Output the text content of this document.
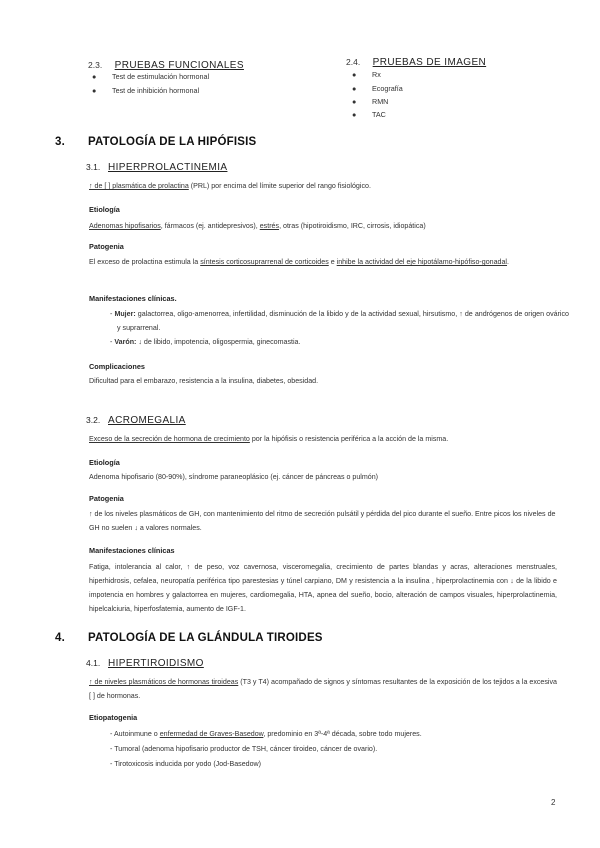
2.3. PRUEBAS FUNCIONALES
● Test de estimulación hormonal
● Test de inhibición hormonal
2.4. PRUEBAS DE IMAGEN
● Rx
● Ecografía
● RMN
● TAC
3. PATOLOGÍA DE LA HIPÓFISIS
3.1. HIPERPROLACTINEMIA
↑ de [ ] plasmática de prolactina (PRL) por encima del límite superior del rango fisiológico.
Etiología
Adenomas hipofisarios, fármacos (ej. antidepresivos), estrés, otras (hipotiroidismo, IRC, cirrosis, idiopática)
Patogenia
El exceso de prolactina estimula la síntesis corticosuprarrenal de corticoides e inhibe la actividad del eje hipotálamo-hipófiso-gonadal.
Manifestaciones clínicas.
- Mujer: galactorrea, oligo-amenorrea, infertilidad, disminución de la libido y de la actividad sexual, hirsutismo, ↑ de andrógenos de origen ovárico y suprarrenal.
- Varón: ↓ de libido, impotencia, oligospermia, ginecomastia.
Complicaciones
Dificultad para el embarazo, resistencia a la insulina, diabetes, obesidad.
3.2. ACROMEGALIA
Exceso de la secreción de hormona de crecimiento por la hipófisis o resistencia periférica a la acción de la misma.
Etiología
Adenoma hipofisario (80-90%), síndrome paraneoplásico (ej. cáncer de páncreas o pulmón)
Patogenia
↑ de los niveles plasmáticos de GH, con mantenimiento del ritmo de secreción pulsátil y pérdida del pico durante el sueño. Entre picos los niveles de GH no suelen ↓ a valores normales.
Manifestaciones clínicas
Fatiga, intolerancia al calor, ↑ de peso, voz cavernosa, visceromegalia, crecimiento de partes blandas y acras, alteraciones menstruales, hiperhidrosis, cefalea, neuropatía periférica tipo parestesias y túnel carpiano, DM y resistencia a la insulina , hiperprolactinemia con ↓ de la libido e impotencia en hombres y galactorrea en mujeres, cardiomegalia, HTA, apnea del sueño, bocio, alteración de campos visuales, hiperprolactinemia, hipelcalciuria, hiperfosfatemia, aumento de IGF-1.
4. PATOLOGÍA DE LA GLÁNDULA TIROIDES
4.1. HIPERTIROIDISMO
↑ de niveles plasmáticos de hormonas tiroideas (T3 y T4) acompañado de signos y síntomas resultantes de la exposición de los tejidos a la excesiva [ ] de hormonas.
Etiopatogenia
- Autoinmune o enfermedad de Graves-Basedow, predominio en 3ª-4ª década, sobre todo mujeres.
- Tumoral (adenoma hipofisario productor de TSH, cáncer tiroideo, cáncer de ovario).
- Tirotoxicosis inducida por yodo (Jod-Basedow)
2
